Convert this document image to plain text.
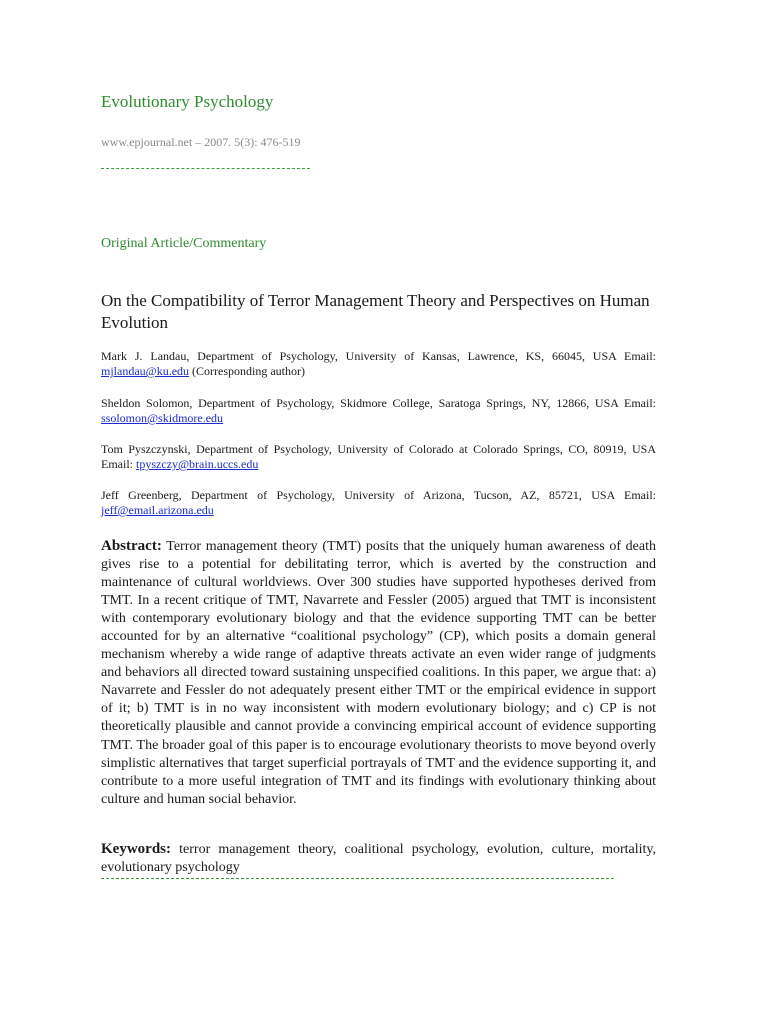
Evolutionary Psychology
www.epjournal.net – 2007. 5(3): 476-519
Original Article/Commentary
On the Compatibility of Terror Management Theory and Perspectives on Human Evolution
Mark J. Landau, Department of Psychology, University of Kansas, Lawrence, KS, 66045, USA Email: mjlandau@ku.edu (Corresponding author)
Sheldon Solomon, Department of Psychology, Skidmore College, Saratoga Springs, NY, 12866, USA Email: ssolomon@skidmore.edu
Tom Pyszczynski, Department of Psychology, University of Colorado at Colorado Springs, CO, 80919, USA Email: tpyszczy@brain.uccs.edu
Jeff Greenberg, Department of Psychology, University of Arizona, Tucson, AZ, 85721, USA Email: jeff@email.arizona.edu
Abstract: Terror management theory (TMT) posits that the uniquely human awareness of death gives rise to a potential for debilitating terror, which is averted by the construction and maintenance of cultural worldviews. Over 300 studies have supported hypotheses derived from TMT. In a recent critique of TMT, Navarrete and Fessler (2005) argued that TMT is inconsistent with contemporary evolutionary biology and that the evidence supporting TMT can be better accounted for by an alternative “coalitional psychology” (CP), which posits a domain general mechanism whereby a wide range of adaptive threats activate an even wider range of judgments and behaviors all directed toward sustaining unspecified coalitions. In this paper, we argue that: a) Navarrete and Fessler do not adequately present either TMT or the empirical evidence in support of it; b) TMT is in no way inconsistent with modern evolutionary biology; and c) CP is not theoretically plausible and cannot provide a convincing empirical account of evidence supporting TMT. The broader goal of this paper is to encourage evolutionary theorists to move beyond overly simplistic alternatives that target superficial portrayals of TMT and the evidence supporting it, and contribute to a more useful integration of TMT and its findings with evolutionary thinking about culture and human social behavior.
Keywords: terror management theory, coalitional psychology, evolution, culture, mortality, evolutionary psychology
